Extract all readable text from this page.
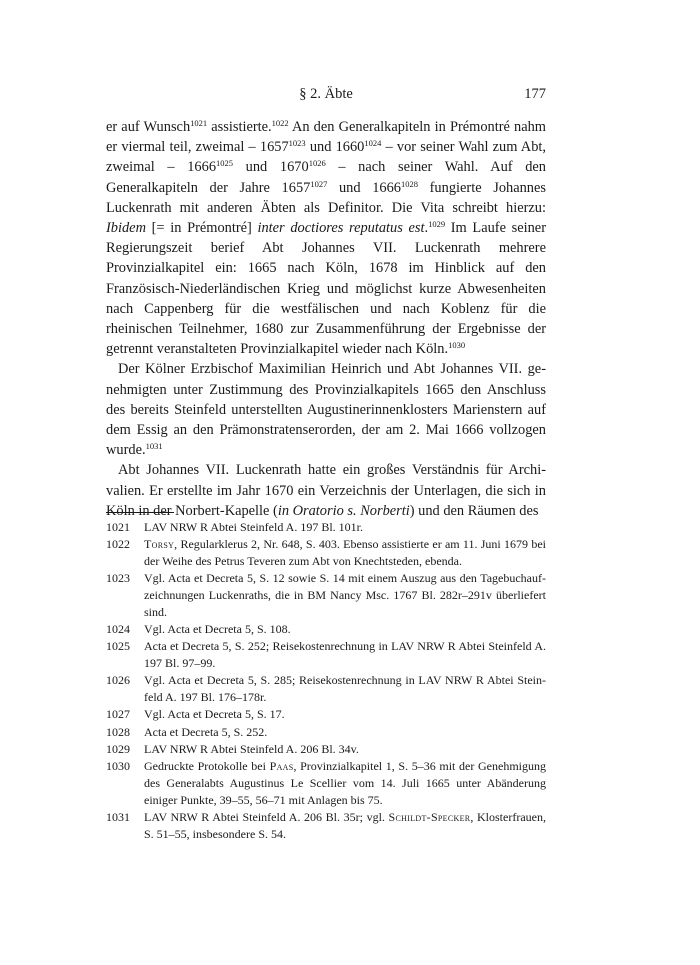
§ 2. Äbte	177

er auf Wunsch$^{1021}$ assistierte.$^{1022}$ An den Generalkapiteln in Prémontré nahm er viermal teil, zweimal – $1657^{1023}$ und $1660^{1024}$ – vor seiner Wahl zum Abt, zweimal – $1666^{1025}$ und $1670^{1026}$ – nach seiner Wahl. Auf den Generalkapiteln der Jahre $1657^{1027}$ und $1666^{1028}$ fungierte Johannes Luckenrath mit anderen Äbten als Definitor. Die Vita schreibt hierzu: Ibidem [= in Prémontré] inter doctiores reputatus est.$^{1029}$ Im Laufe seiner Regierungszeit berief Abt Johannes VII. Luckenrath mehrere Provinzialkapitel ein: 1665 nach Köln, 1678 im Hinblick auf den Französisch-Niederländischen Krieg und möglichst kurze Abwesenheiten nach Cappenberg für die westfälischen und nach Koblenz für die rheinischen Teilnehmer, 1680 zur Zusammenführung der Ergebnisse der getrennt veranstalteten Provinzialkapitel wieder nach Köln.$^{1030}$

Der Kölner Erzbischof Maximilian Heinrich und Abt Johannes VII. genehmigten unter Zustimmung des Provinzialkapitels 1665 den Anschluss des bereits Steinfeld unterstellten Augustinerinnenklosters Marienstern auf dem Essig an den Prämonstratenserorden, der am 2. Mai 1666 vollzogen wurde.$^{1031}$

Abt Johannes VII. Luckenrath hatte ein großes Verständnis für Archivalien. Er erstellte im Jahr 1670 ein Verzeichnis der Unterlagen, die sich in Köln in der Norbert-Kapelle (in Oratorio s. Norberti) und den Räumen des

1021 LAV NRW R Abtei Steinfeld A. 197 Bl. 101r.
1022 Torsy, Regularklerus 2, Nr. 648, S. 403. Ebenso assistierte er am 11. Juni 1679 bei der Weihe des Petrus Teveren zum Abt von Knechtsteden, ebenda.
1023 Vgl. Acta et Decreta 5, S. 12 sowie S. 14 mit einem Auszug aus den Tagebuchaufzeichnungen Luckenraths, die in BM Nancy Msc. 1767 Bl. 282r–291v überliefert sind.
1024 Vgl. Acta et Decreta 5, S. 108.
1025 Acta et Decreta 5, S. 252; Reisekostenrechnung in LAV NRW R Abtei Steinfeld A. 197 Bl. 97–99.
1026 Vgl. Acta et Decreta 5, S. 285; Reisekostenrechnung in LAV NRW R Abtei Steinfeld A. 197 Bl. 176–178r.
1027 Vgl. Acta et Decreta 5, S. 17.
1028 Acta et Decreta 5, S. 252.
1029 LAV NRW R Abtei Steinfeld A. 206 Bl. 34v.
1030 Gedruckte Protokolle bei Paas, Provinzialkapitel 1, S. 5–36 mit der Genehmigung des Generalabts Augustinus Le Scellier vom 14. Juli 1665 unter Abänderung einiger Punkte, 39–55, 56–71 mit Anlagen bis 75.
1031 LAV NRW R Abtei Steinfeld A. 206 Bl. 35r; vgl. Schildt-Specker, Klosterfrauen, S. 51–55, insbesondere S. 54.
